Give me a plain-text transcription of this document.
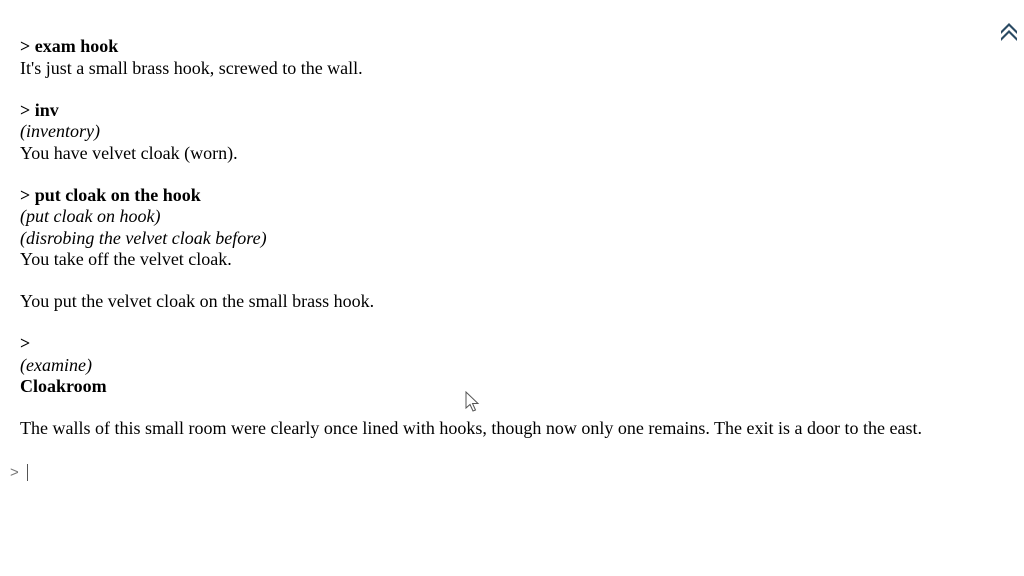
> exam hook
It's just a small brass hook, screwed to the wall.
> inv
(inventory)
You have velvet cloak (worn).
> put cloak on the hook
(put cloak on hook)
(disrobing the velvet cloak before)
You take off the velvet cloak.
You put the velvet cloak on the small brass hook.
>
(examine)
Cloakroom
The walls of this small room were clearly once lined with hooks, though now only one remains. The exit is a door to the east.
>
